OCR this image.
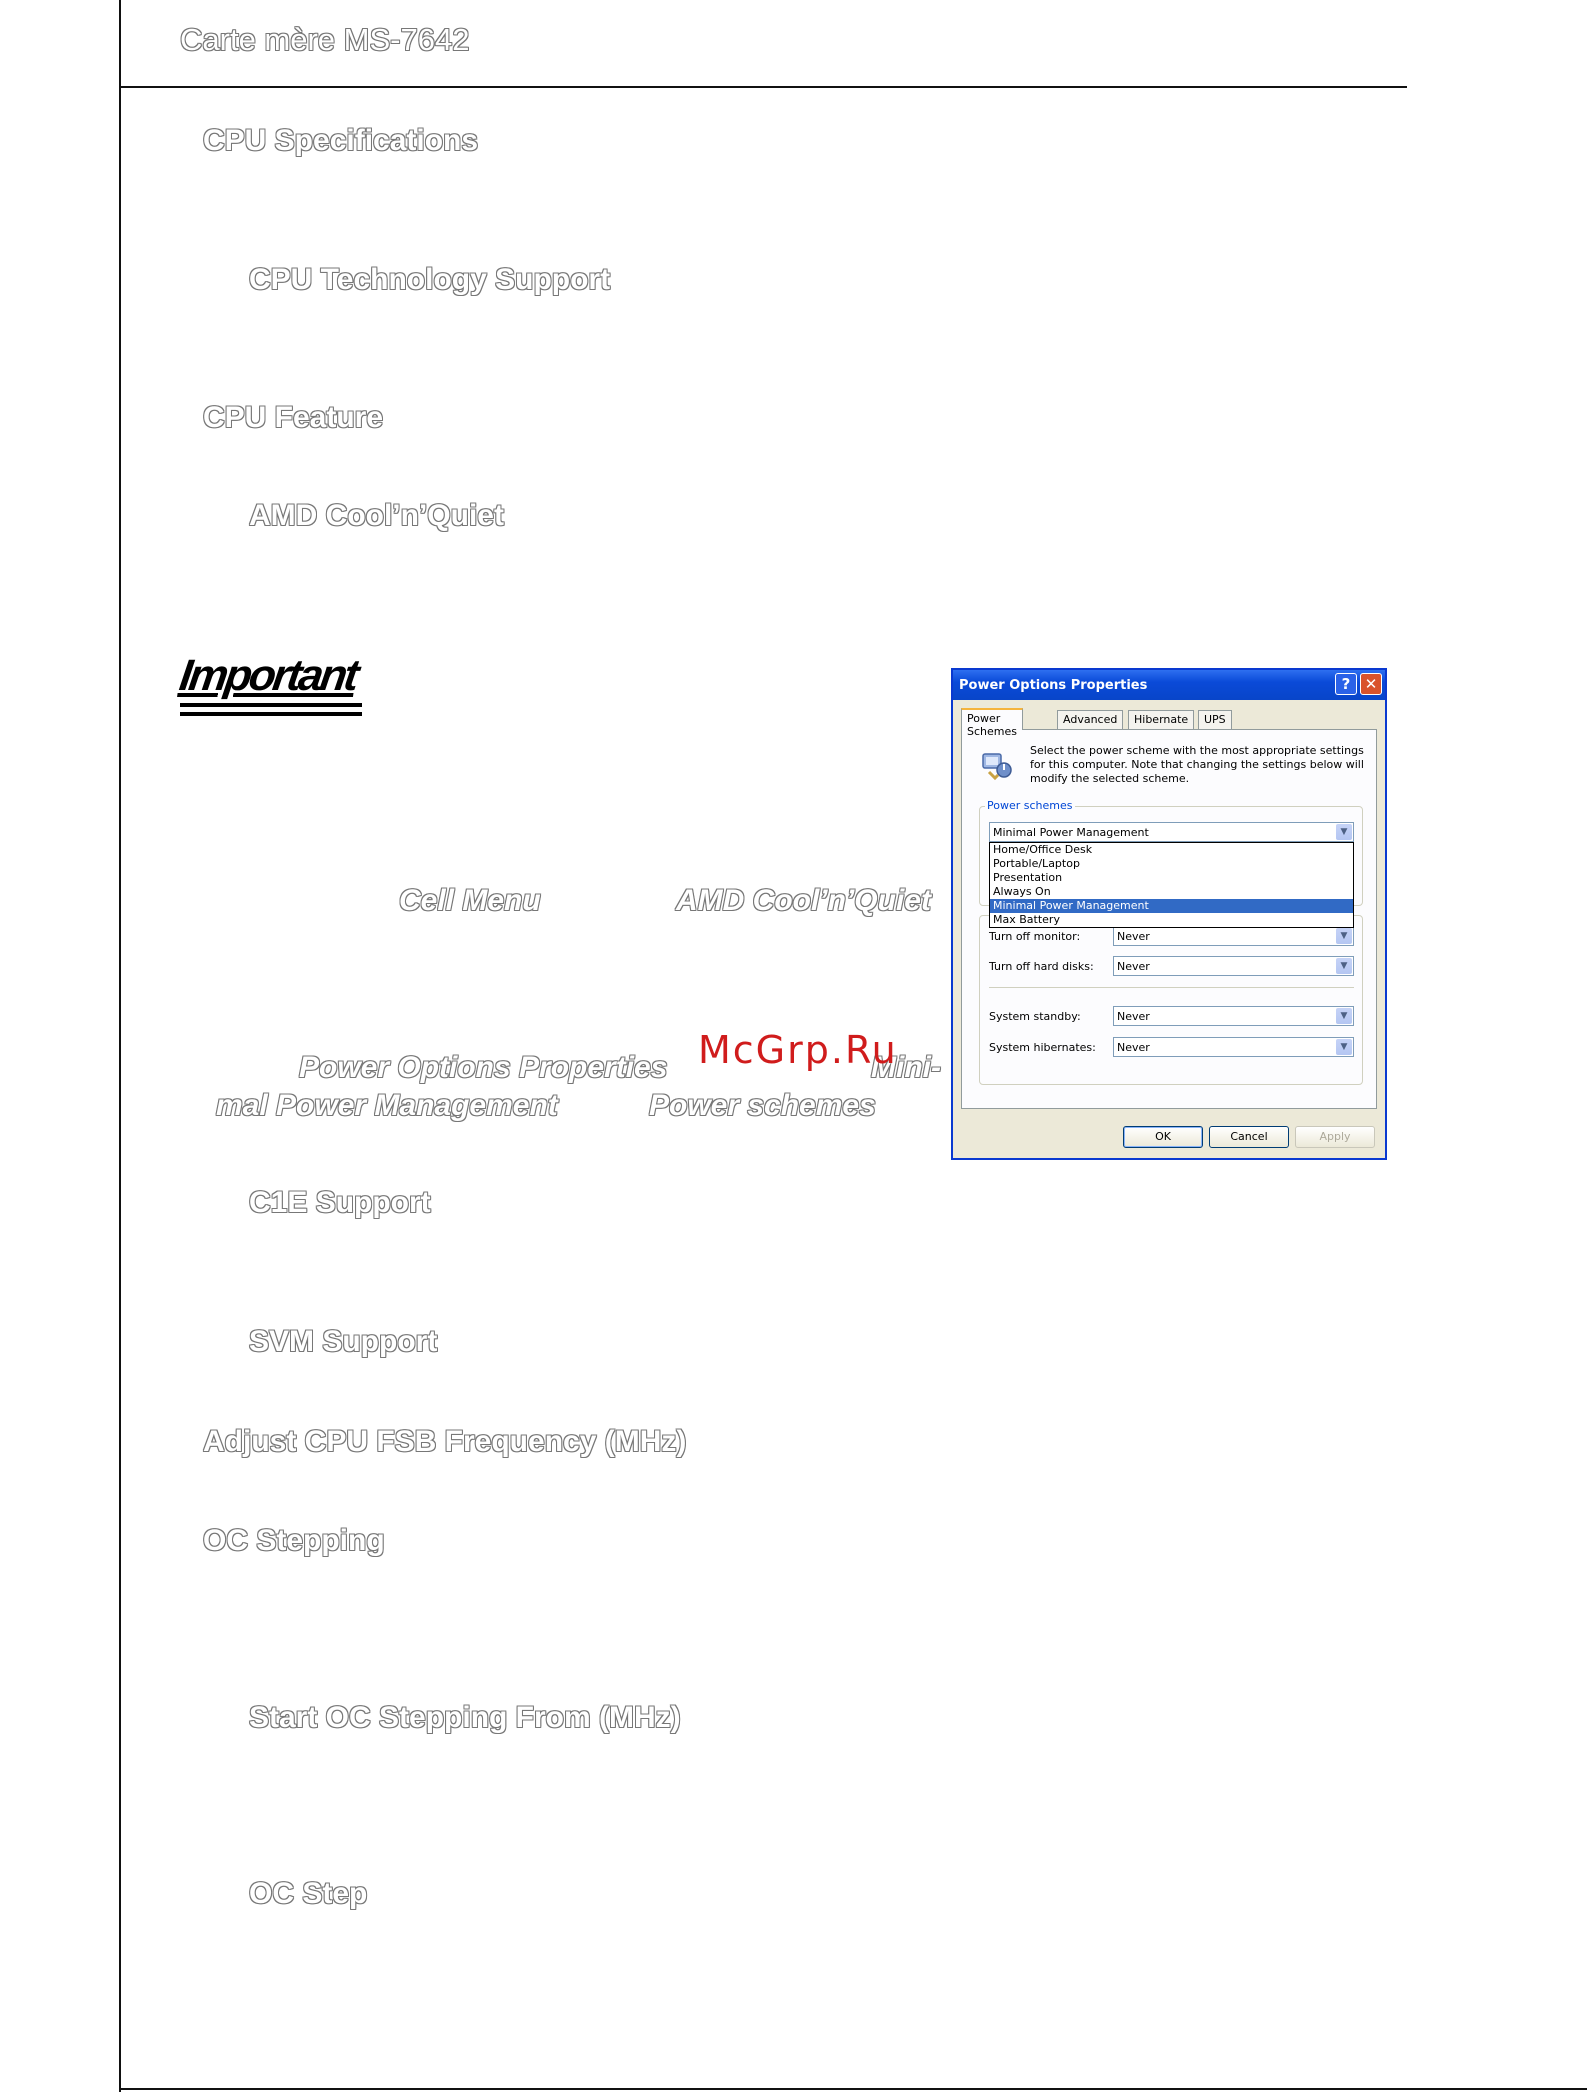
Carte mère MS-7642
CPU Specifications
CPU Technology Support
CPU Feature
AMD Cool’n’Quiet
Important
Cell Menu	AMD Cool’n’Quiet
Power Options Properties	Mini-
mal Power Management	Power schemes
McGrp.Ru
C1E Support
SVM Support
Adjust CPU FSB Frequency (MHz)
OC Stepping
Start OC Stepping From (MHz)
OC Step
Power Options Properties	? ✕
Power Schemes
Advanced	Hibernate	UPS
Select the power scheme with the most appropriate settings for this computer. Note that changing the settings below will modify the selected scheme.
Power schemes
Minimal Power Management	▼
Home/Office Desk
Portable/Laptop
Presentation
Always On
Minimal Power Management
Max Battery
Turn off monitor:	Never	▼
Turn off hard disks: Never	▼
System standby:	Never	▼
System hibernates: Never	▼
OK	Cancel	Apply
